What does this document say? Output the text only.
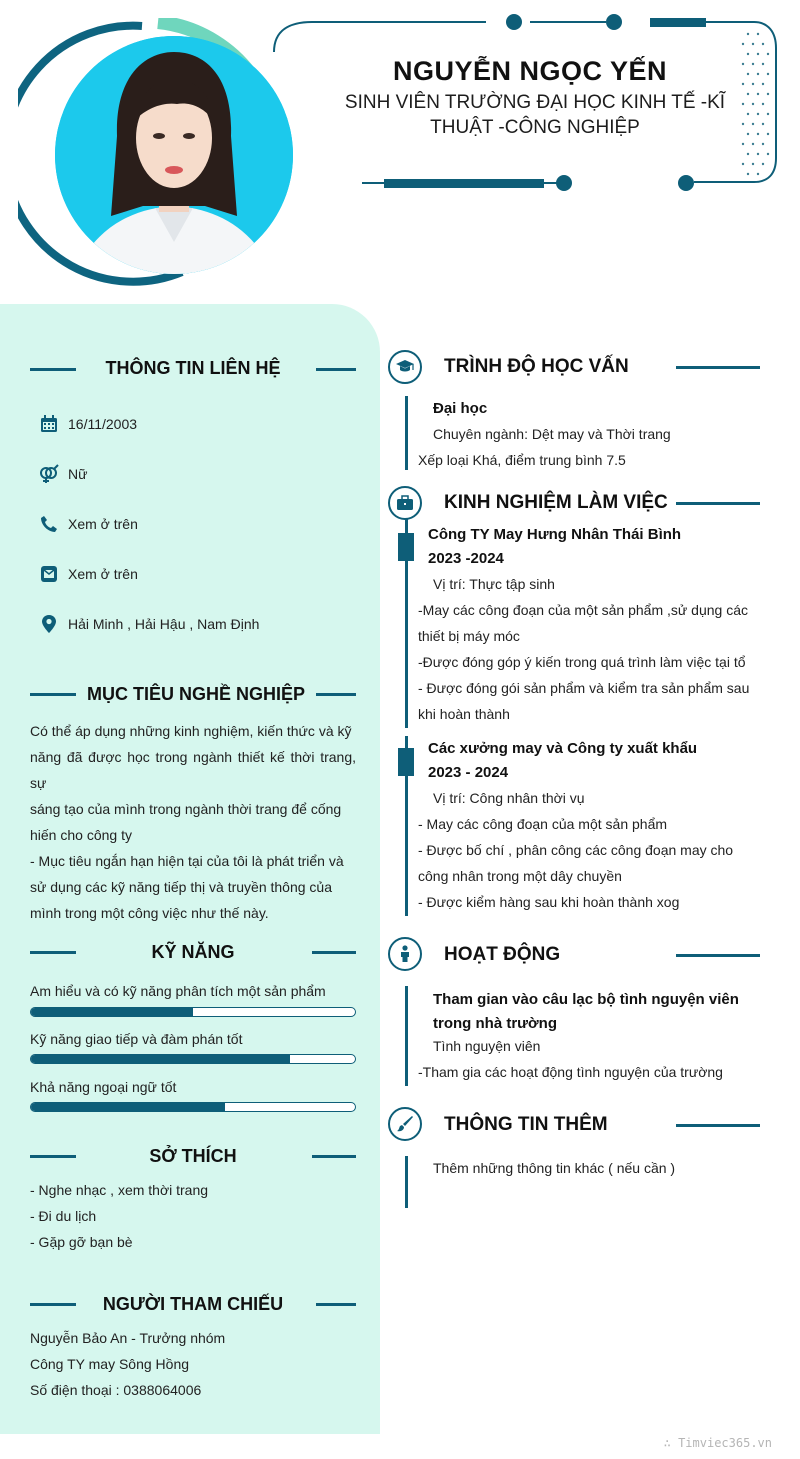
NGUYỄN NGỌC YẾN
SINH VIÊN TRƯỜNG ĐẠI HỌC KINH TẾ -KĨ THUẬT -CÔNG NGHIỆP
THÔNG TIN LIÊN HỆ
16/11/2003
Nữ
Xem ở trên
Xem ở trên
Hải Minh , Hải Hậu , Nam Định
MỤC TIÊU NGHỀ NGHIỆP
Có thể áp dụng những kinh nghiệm, kiến thức và kỹ
năng đã được học trong ngành thiết kế thời trang, sự
sáng tạo của mình trong ngành thời trang để cống
hiến cho công ty
- Mục tiêu ngắn hạn hiện tại của tôi là phát triển và
sử dụng các kỹ năng tiếp thị và truyền thông của
mình trong một công việc như thế này.
KỸ NĂNG
Am hiểu và có kỹ năng phân tích một sản phẩm
Kỹ năng giao tiếp và đàm phán tốt
Khả năng ngoại ngữ tốt
SỞ THÍCH
- Nghe nhạc , xem thời trang
- Đi du lịch
- Gặp gỡ bạn bè
NGƯỜI THAM CHIẾU
Nguyễn Bảo An - Trưởng nhóm
Công TY may Sông Hồng
Số điện thoại : 0388064006
TRÌNH ĐỘ HỌC VẤN
Đại học
Chuyên ngành: Dệt may và Thời trang
Xếp loại Khá, điểm trung bình 7.5
KINH NGHIỆM LÀM VIỆC
Công TY May Hưng Nhân Thái Bình
2023 -2024
Vị trí: Thực tập sinh
-May các công đoạn của một sản phẩm ,sử dụng các
thiết bị máy móc
-Được đóng góp ý kiến trong quá trình làm việc tại tổ
- Được đóng gói sản phẩm và kiểm tra sản phẩm sau
khi hoàn thành
Các xưởng may và Công ty xuất khẩu
2023 - 2024
Vị trí: Công nhân thời vụ
- May các công đoạn của một sản phẩm
- Được bố chí , phân công các công đoạn may cho
công nhân trong một dây chuyền
- Được kiểm hàng sau khi hoàn thành xog
HOẠT ĐỘNG
Tham gian vào câu lạc bộ tình nguyện viên
trong nhà trường
Tình nguyện viên
-Tham gia các hoạt động tình nguyện của trường
THÔNG TIN THÊM
Thêm những thông tin khác ( nếu cần )
∴ Timviec365.vn
